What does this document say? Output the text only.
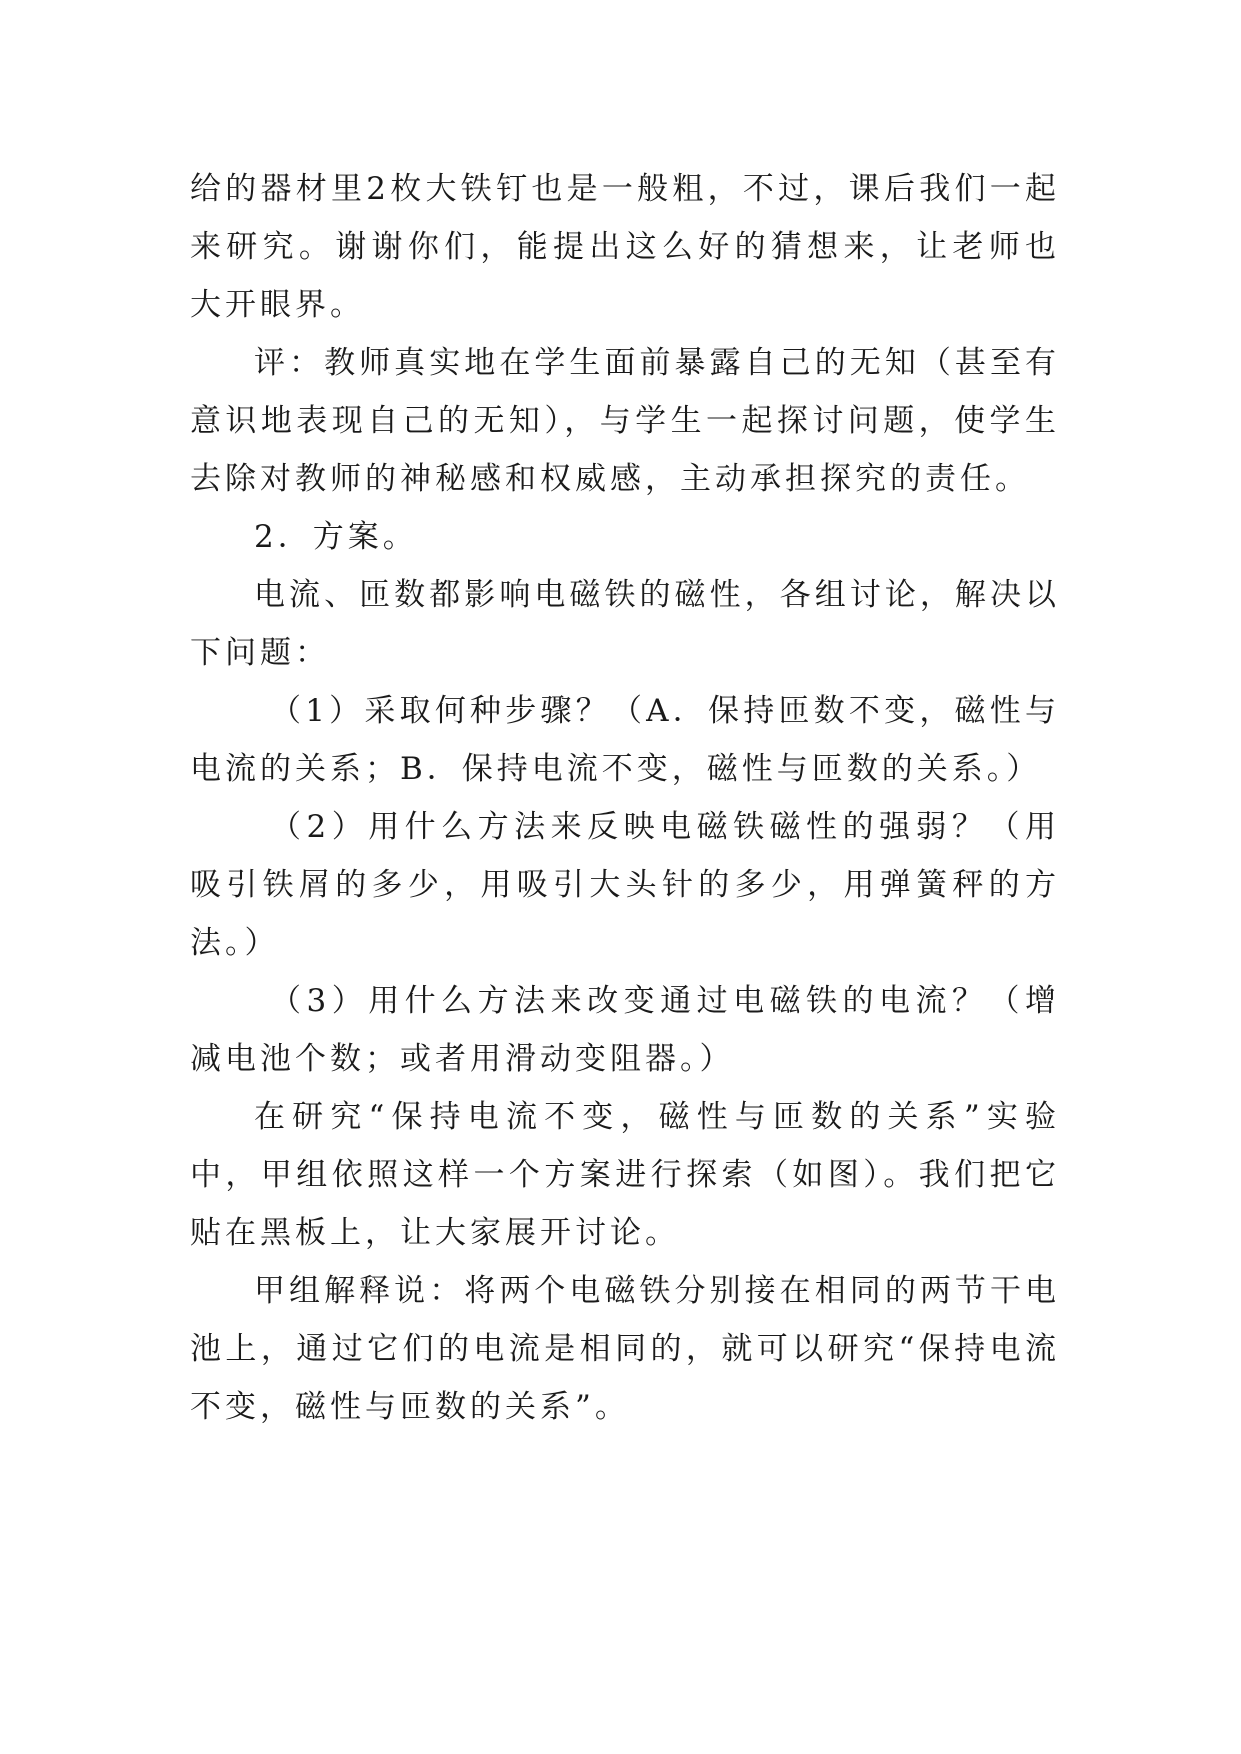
给的器材里2枚大铁钉也是一般粗，不过，课后我们一起来研究。谢谢你们，能提出这么好的猜想来，让老师也大开眼界。

评：教师真实地在学生面前暴露自己的无知（甚至有意识地表现自己的无知），与学生一起探讨问题，使学生去除对教师的神秘感和权威感，主动承担探究的责任。

2．方案。

电流、匝数都影响电磁铁的磁性，各组讨论，解决以下问题：

（1）采取何种步骤？（A．保持匝数不变，磁性与电流的关系；B．保持电流不变，磁性与匝数的关系。）

（2）用什么方法来反映电磁铁磁性的强弱？（用吸引铁屑的多少，用吸引大头针的多少，用弹簧秤的方法。）

（3）用什么方法来改变通过电磁铁的电流？（增减电池个数；或者用滑动变阻器。）

在研究“保持电流不变，磁性与匝数的关系”实验中，甲组依照这样一个方案进行探索（如图）。我们把它贴在黑板上，让大家展开讨论。

甲组解释说：将两个电磁铁分别接在相同的两节干电池上，通过它们的电流是相同的，就可以研究“保持电流不变，磁性与匝数的关系”。
